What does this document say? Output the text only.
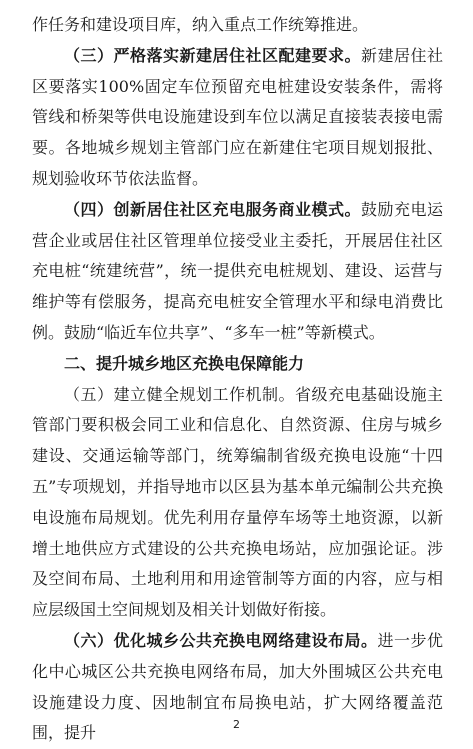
作任务和建设项目库，纳入重点工作统筹推进。

（三）严格落实新建居住社区配建要求。新建居住社区要落实100%固定车位预留充电桩建设安装条件，需将管线和桥架等供电设施建设到车位以满足直接装表接电需要。各地城乡规划主管部门应在新建住宅项目规划报批、规划验收环节依法监督。

（四）创新居住社区充电服务商业模式。鼓励充电运营企业或居住社区管理单位接受业主委托，开展居住社区充电桩“统建统营”，统一提供充电桩规划、建设、运营与维护等有偿服务，提高充电桩安全管理水平和绿电消费比例。鼓励“临近车位共享”、“多车一桩”等新模式。

二、提升城乡地区充换电保障能力

（五）建立健全规划工作机制。省级充电基础设施主管部门要积极会同工业和信息化、自然资源、住房与城乡建设、交通运输等部门，统筹编制省级充换电设施“十四五”专项规划，并指导地市以区县为基本单元编制公共充换电设施布局规划。优先利用存量停车场等土地资源，以新增土地供应方式建设的公共充换电场站，应加强论证。涉及空间布局、土地利用和用途管制等方面的内容，应与相应层级国土空间规划及相关计划做好衔接。

（六）优化城乡公共充换电网络建设布局。进一步优化中心城区公共充换电网络布局，加大外围城区公共充电设施建设力度、因地制宜布局换电站，扩大网络覆盖范围，提升	2
